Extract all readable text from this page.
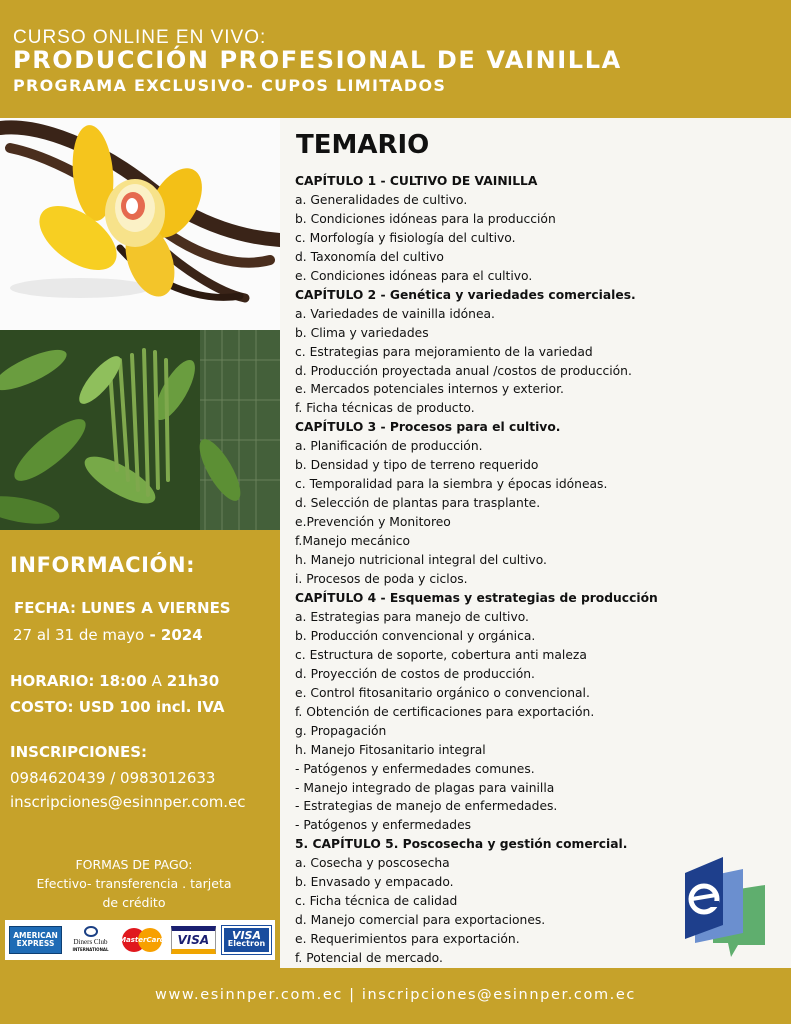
CURSO ONLINE EN VIVO:
PRODUCCIÓN PROFESIONAL DE VAINILLA
PROGRAMA EXCLUSIVO- CUPOS LIMITADOS
INFORMACIÓN:
FECHA: LUNES A VIERNES
27 al 31 de mayo - 2024
HORARIO: 18:00 A 21h30
COSTO: USD 100 incl. IVA
INSCRIPCIONES:
0984620439 / 0983012633
inscripciones@esinnper.com.ec
FORMAS DE PAGO:
Efectivo- transferencia . tarjeta
de crédito
AMERICAN
EXPRESS	Diners Club
INTERNATIONAL
MasterCard VISA VISA
Electron
TEMARIO
CAPÍTULO 1 - CULTIVO DE VAINILLA
a. Generalidades de cultivo.
b. Condiciones idóneas para la producción
c. Morfología y fisiología del cultivo.
d. Taxonomía del cultivo
e. Condiciones idóneas para el cultivo.
CAPÍTULO 2 - Genética y variedades comerciales.
a. Variedades de vainilla idónea.
b. Clima y variedades
c. Estrategias para mejoramiento de la variedad
d. Producción proyectada anual /costos de producción.
e. Mercados potenciales internos y exterior.
f. Ficha técnicas de producto.
CAPÍTULO 3 - Procesos para el cultivo.
a. Planificación de producción.
b. Densidad y tipo de terreno requerido
c. Temporalidad para la siembra y épocas idóneas.
d. Selección de plantas para trasplante.
e.Prevención y Monitoreo
f.Manejo mecánico
h. Manejo nutricional integral del cultivo.
i. Procesos de poda y ciclos.
CAPÍTULO 4 - Esquemas y estrategias de producción
a. Estrategias para manejo de cultivo.
b. Producción convencional y orgánica.
c. Estructura de soporte, cobertura anti maleza
d. Proyección de costos de producción.
e. Control fitosanitario orgánico o convencional.
f. Obtención de certificaciones para exportación.
g. Propagación
h. Manejo Fitosanitario integral
- Patógenos y enfermedades comunes.
- Manejo integrado de plagas para vainilla
- Estrategias de manejo de enfermedades.
- Patógenos y enfermedades
5. CAPÍTULO 5. Poscosecha y gestión comercial.
a. Cosecha y poscosecha
b. Envasado y empacado.
c. Ficha técnica de calidad
d. Manejo comercial para exportaciones.
e. Requerimientos para exportación.
f. Potencial de mercado.
www.esinnper.com.ec | inscripciones@esinnper.com.ec
